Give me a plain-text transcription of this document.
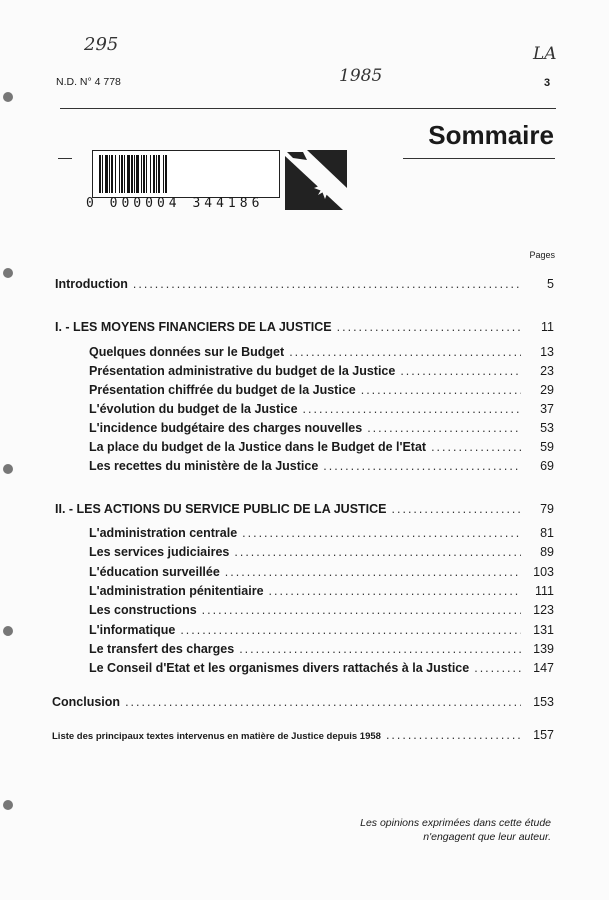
295
1985
LA
N.D. N° 4 778	3
Sommaire
0 000004 344186
Pages
Introduction .....	5
I. - LES MOYENS FINANCIERS DE LA JUSTICE .....	11
Quelques données sur le Budget .....	13
Présentation administrative du budget de la Justice .....	23
Présentation chiffrée du budget de la Justice .....	29
L'évolution du budget de la Justice .....	37
L'incidence budgétaire des charges nouvelles .....	53
La place du budget de la Justice dans le Budget de l'Etat .....	59
Les recettes du ministère de la Justice .....	69
II. - LES ACTIONS DU SERVICE PUBLIC DE LA JUSTICE .....	79
L'administration centrale .....	81
Les services judiciaires .....	89
L'éducation surveillée .....	103
L'administration pénitentiaire .....	111
Les constructions .....	123
L'informatique .....	131
Le transfert des charges .....	139
Le Conseil d'Etat et les organismes divers rattachés à la Justice .....	147
Conclusion .....	153
Liste des principaux textes intervenus en matière de Justice depuis 1958 .....	157
Les opinions exprimées dans cette étude
n'engagent que leur auteur.
